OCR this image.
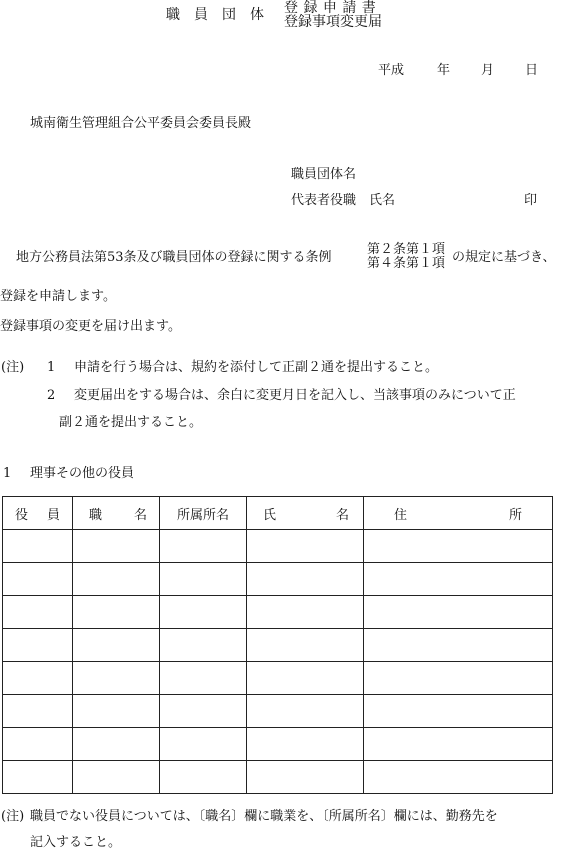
職　員　団　体 登 録 申 請 書
登録事項変更届
平成	年 月 日
城南衛生管理組合公平委員会委員長殿
職員団体名
代表者役職　氏名	印
地方公務員法第53条及び職員団体の登録に関する条例
第２条第１項
第４条第１項 の規定に基づき、
登録を申請します。
登録事項の変更を届け出ます。
(注) 1 申請を行う場合は、規約を添付して正副２通を提出すること。
2 変更届出をする場合は、余白に変更月日を記入し、当該事項のみについて正
副２通を提出すること。
1 理事その他の役員
役 員	職 名	所属所名	氏 名	住 所

(注) 職員でない役員については、〔職名〕欄に職業を、〔所属所名〕欄には、勤務先を
記入すること。
